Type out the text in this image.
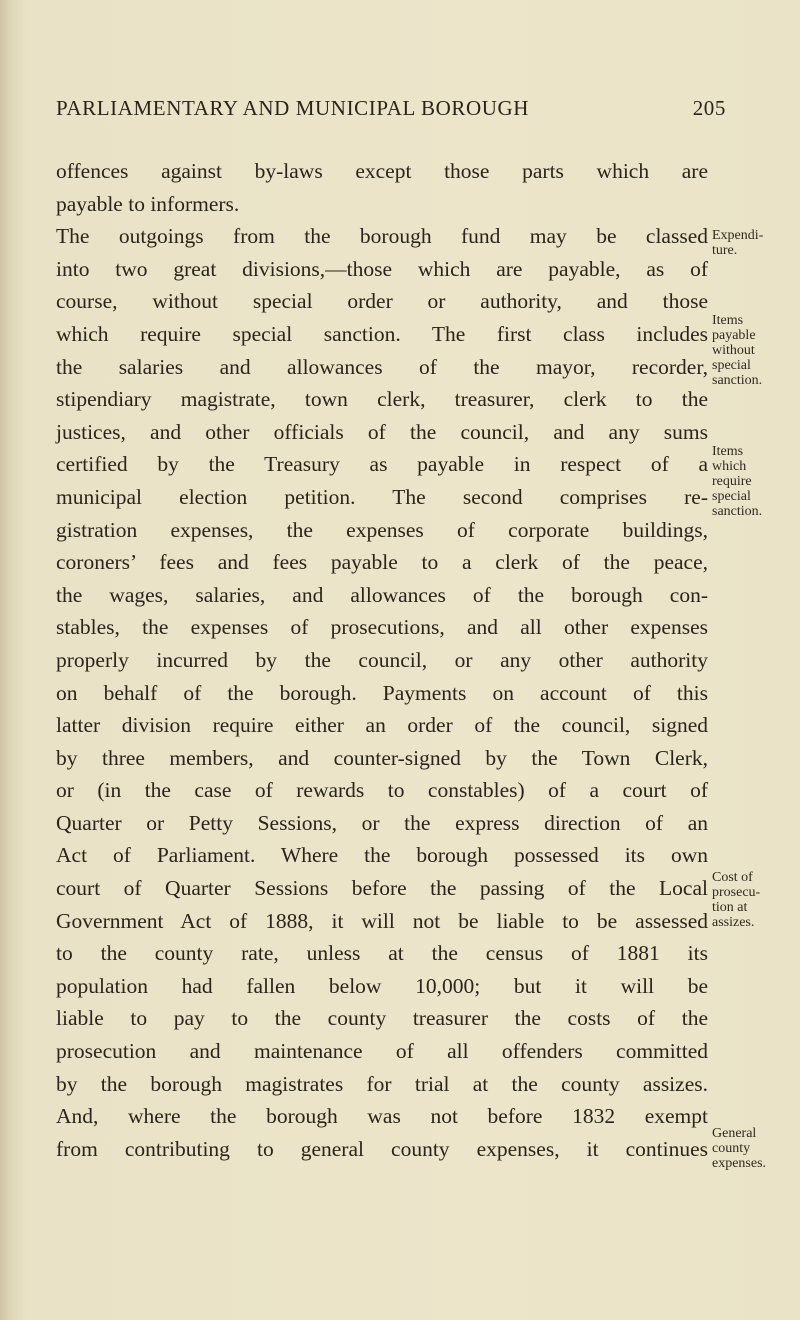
PARLIAMENTARY AND MUNICIPAL BOROUGH	205
offences against by-laws except those parts which are
payable to informers.
The outgoings from the borough fund may be classed
into two great divisions,—those which are payable, as of
course, without special order or authority, and those
which require special sanction. The first class includes
the salaries and allowances of the mayor, recorder,
stipendiary magistrate, town clerk, treasurer, clerk to the
justices, and other officials of the council, and any sums
certified by the Treasury as payable in respect of a
municipal election petition. The second comprises re-
gistration expenses, the expenses of corporate buildings,
coroners’ fees and fees payable to a clerk of the peace,
the wages, salaries, and allowances of the borough con-
stables, the expenses of prosecutions, and all other expenses
properly incurred by the council, or any other authority
on behalf of the borough. Payments on account of this
latter division require either an order of the council, signed
by three members, and counter-signed by the Town Clerk,
or (in the case of rewards to constables) of a court of
Quarter or Petty Sessions, or the express direction of an
Act of Parliament. Where the borough possessed its own
court of Quarter Sessions before the passing of the Local
Government Act of 1888, it will not be liable to be assessed
to the county rate, unless at the census of 1881 its
population had fallen below 10,000; but it will be
liable to pay to the county treasurer the costs of the
prosecution and maintenance of all offenders committed
by the borough magistrates for trial at the county assizes.
And, where the borough was not before 1832 exempt
from contributing to general county expenses, it continues
Expendi-
ture.
Items
payable
without
special
sanction.
Items
which
require
special
sanction.
Cost of
prosecu-
tion at
assizes.
General
county
expenses.
